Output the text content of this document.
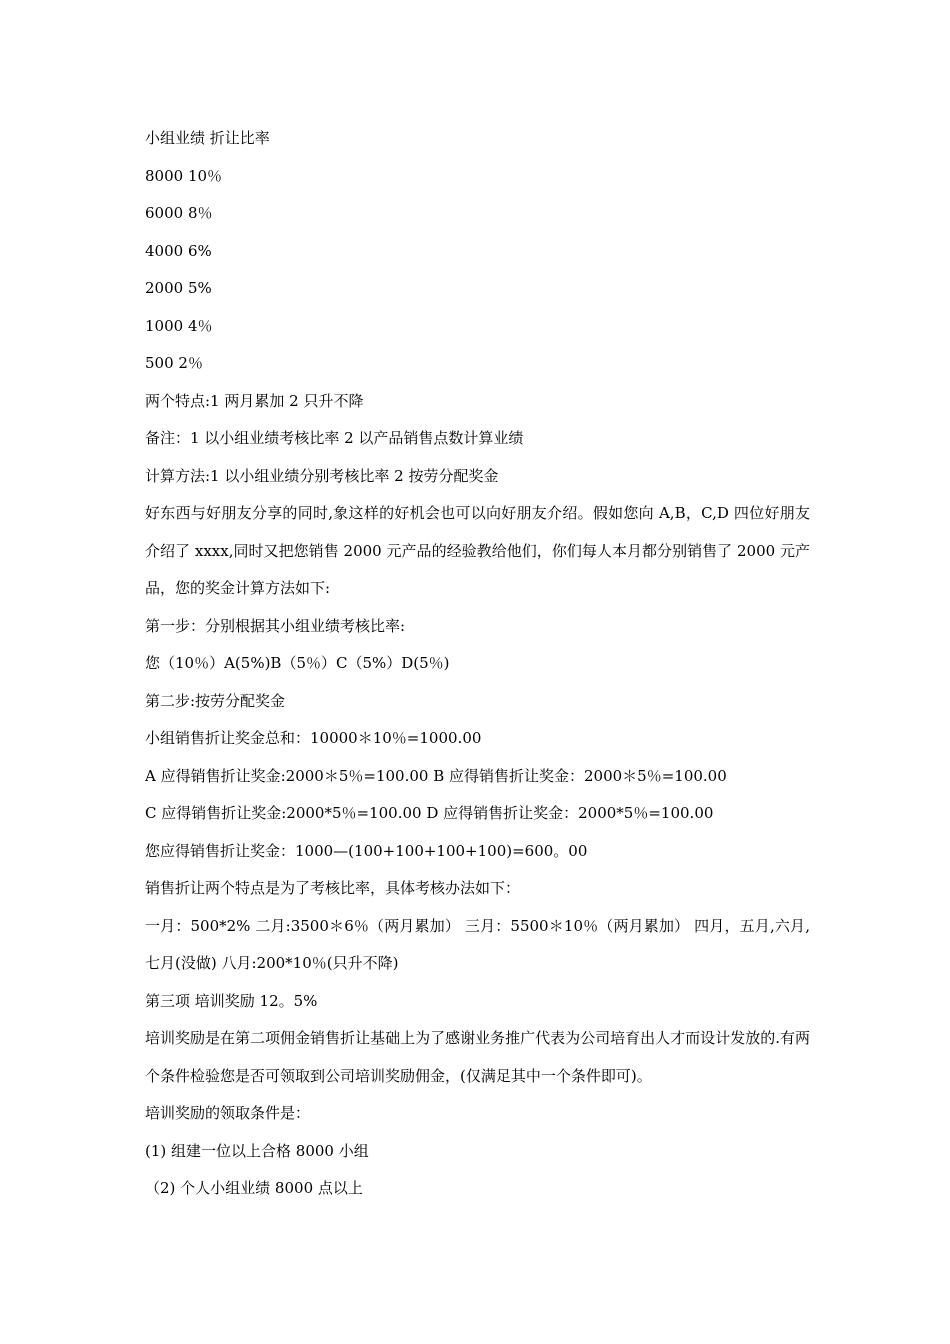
小组业绩 折让比率

8000 10％

6000 8％

4000 6%

2000 5%

1000 4％

500 2％

两个特点:1 两月累加 2 只升不降

备注：1 以小组业绩考核比率 2 以产品销售点数计算业绩

计算方法:1 以小组业绩分别考核比率 2 按劳分配奖金

好东西与好朋友分享的同时,象这样的好机会也可以向好朋友介绍。假如您向 A,B，C,D 四位好朋友介绍了 xxxx,同时又把您销售 2000 元产品的经验教给他们，你们每人本月都分别销售了 2000 元产品，您的奖金计算方法如下:

第一步：分别根据其小组业绩考核比率:

您（10％）A(5%)B（5％）C（5%）D(5％)

第二步:按劳分配奖金

小组销售折让奖金总和：10000＊10％=1000.00

A 应得销售折让奖金:2000＊5％=100.00 B 应得销售折让奖金：2000＊5％=100.00

C 应得销售折让奖金:2000*5％=100.00 D 应得销售折让奖金：2000*5％=100.00

您应得销售折让奖金：1000—(100+100+100+100)=600。00

销售折让两个特点是为了考核比率，具体考核办法如下：

一月：500*2% 二月:3500＊6％（两月累加） 三月：5500＊10％（两月累加） 四月，五月,六月,七月(没做) 八月:200*10％(只升不降)

第三项 培训奖励 12。5%

培训奖励是在第二项佣金销售折让基础上为了感谢业务推广代表为公司培育出人才而设计发放的.有两个条件检验您是否可领取到公司培训奖励佣金，(仅满足其中一个条件即可)。

培训奖励的领取条件是：

(1) 组建一位以上合格 8000 小组

（2) 个人小组业绩 8000 点以上
